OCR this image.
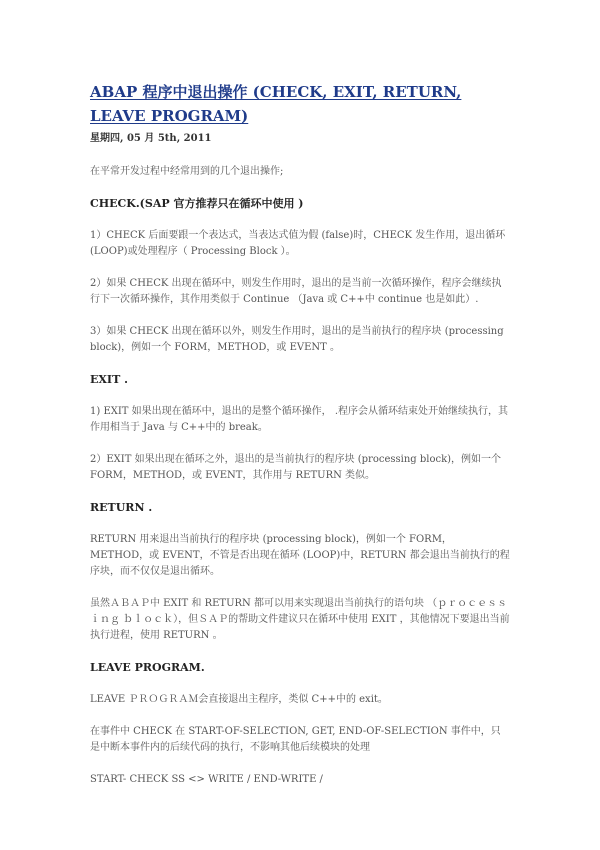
ABAP 程序中退出操作 (CHECK, EXIT, RETURN, LEAVE PROGRAM)
星期四, 05 月 5th, 2011

在平常开发过程中经常用到的几个退出操作;

CHECK.(SAP 官方推荐只在循环中使用 )

1）CHECK 后面要跟一个表达式，当表达式值为假 (false)时，CHECK 发生作用，退出循环(LOOP)或处理程序（ Processing Block ）。

2）如果 CHECK 出现在循环中，则发生作用时，退出的是当前一次循环操作，程序会继续执行下一次循环操作，其作用类似于 Continue （Java 或 C++中 continue 也是如此）.

3）如果 CHECK 出现在循环以外，则发生作用时，退出的是当前执行的程序块 (processing block)，例如一个 FORM，METHOD，或 EVENT 。

EXIT .

1) EXIT 如果出现在循环中，退出的是整个循环操作， .程序会从循环结束处开始继续执行，其作用相当于 Java 与 C++中的 break。

2）EXIT 如果出现在循环之外，退出的是当前执行的程序块 (processing block)，例如一个 FORM，METHOD，或 EVENT，其作用与 RETURN 类似。

RETURN .

RETURN 用来退出当前执行的程序块 (processing block)，例如一个 FORM，METHOD，或 EVENT，不管是否出现在循环 (LOOP)中，RETURN 都会退出当前执行的程序块，而不仅仅是退出循环。

虽然ＡＢＡＰ中 EXIT 和 RETURN 都可以用来实现退出当前执行的语句块 （ｐｒｏｃｅｓｓｉｎｇ ｂｌｏｃｋ），但ＳＡＰ的帮助文件建议只在循环中使用 EXIT ，其他情况下要退出当前执行进程，使用 RETURN 。

LEAVE PROGRAM.

LEAVE ＰＲＯＧＲＡＭ会直接退出主程序，类似 C++中的 exit。

在事件中 CHECK 在 START-OF-SELECTION, GET, END-OF-SELECTION 事件中，只是中断本事件内的后续代码的执行，不影响其他后续模块的处理

START- CHECK SS <> WRITE / END-WRITE /
